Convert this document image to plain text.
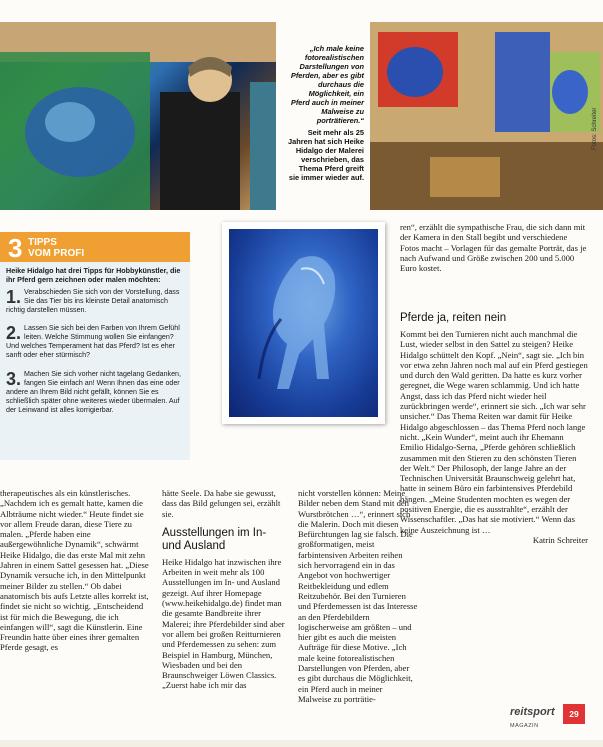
„Ich male keine fotorealistischen Darstellungen von Pferden, aber es gibt durchaus die Möglichkeit, ein Pferd auch in meiner Malweise zu porträtieren.“
Seit mehr als 25 Jahren hat sich Heike Hidalgo der Malerei verschrieben, das Thema Pferd greift sie immer wieder auf.
Fotos: Schreiter
3 TIPPS
VOM PROFI
Heike Hidalgo hat drei Tipps für Hobbykünstler, die ihr Pferd gern zeichnen oder malen möchten:
1. Verabschieden Sie sich von der Vorstellung, dass Sie das Tier bis ins kleinste Detail anatomisch richtig darstellen müssen.
2. Lassen Sie sich bei den Farben von Ihrem Gefühl leiten. Welche Stimmung wollen Sie einfangen? Und welches Temperament hat das Pferd? Ist es eher sanft oder eher stürmisch?
3. Machen Sie sich vorher nicht tagelang Gedanken, fangen Sie einfach an! Wenn Ihnen das eine oder andere an Ihrem Bild nicht gefällt, können Sie es schließlich später ohne weiteres wieder übermalen. Auf der Leinwand ist alles korrigierbar.
ren“, erzählt die sympathische Frau, die sich dann mit der Kamera in den Stall begibt und verschiedene Fotos macht – Vorlagen für das gemalte Porträt, das je nach Aufwand und Größe zwischen 200 und 5.000 Euro kostet.
Pferde ja, reiten nein
Kommt bei den Turnieren nicht auch manchmal die Lust, wieder selbst in den Sattel zu steigen? Heike Hidalgo schüttelt den Kopf. „Nein“, sagt sie. „Ich bin vor etwa zehn Jahren noch mal auf ein Pferd gestiegen und durch den Wald geritten. Da hatte es kurz vorher geregnet, die Wege waren schlammig. Und ich hatte Angst, dass ich das Pferd nicht wieder heil zurückbringen werde“, erinnert sie sich. „Ich war sehr unsicher.“ Das Thema Reiten war damit für Heike Hidalgo abgeschlossen – das Thema Pferd noch lange nicht. „Kein Wunder“, meint auch ihr Ehemann Emilio Hidalgo-Serna, „Pferde gehören schließlich zusammen mit den Stieren zu den schönsten Tieren der Welt.“ Der Philosoph, der lange Jahre an der Technischen Universität Braunschweig gelehrt hat, hatte in seinem Büro ein farbintensives Pferdebild hängen. „Meine Studenten mochten es wegen der positiven Energie, die es ausstrahlte“, erzählt der Wissenschaftler. „Das hat sie motiviert.“ Wenn das keine Auszeichnung ist …
Katrin Schreiter
therapeutisches als ein künstlerisches. „Nachdem ich es gemalt hatte, kamen die Albträume nicht wieder.“ Heute findet sie vor allem Freude daran, diese Tiere zu malen. „Pferde haben eine außergewöhnliche Dynamik“, schwärmt Heike Hidalgo, die das erste Mal mit zehn Jahren in einem Sattel gesessen hat. „Diese Dynamik versuche ich, in den Mittelpunkt meiner Bilder zu stellen.“ Ob dabei anatomisch bis aufs Letzte alles korrekt ist, findet sie nicht so wichtig. „Entscheidend ist für mich die Bewegung, die ich einfangen will“, sagt die Künstlerin. Eine Freundin hatte über eines ihrer gemalten Pferde gesagt, es
hätte Seele. Da habe sie gewusst, dass das Bild gelungen sei, erzählt sie.
Ausstellungen im In- und Ausland
Heike Hidalgo hat inzwischen ihre Arbeiten in weit mehr als 100 Ausstellungen im In- und Ausland gezeigt. Auf ihrer Homepage (www.heikehidalgo.de) findet man die gesamte Bandbreite ihrer Malerei; ihre Pferdebilder sind aber vor allem bei großen Reitturnieren und Pferdemessen zu sehen: zum Beispiel in Hamburg, München, Wiesbaden und bei den Braunschweiger Löwen Classics. „Zuerst habe ich mir das
nicht vorstellen können: Meine Bilder neben dem Stand mit den Wurstbrötchen …“, erinnert sich die Malerin. Doch mit diesen Befürchtungen lag sie falsch. Die großformatigen, meist farbintensiven Arbeiten reihen sich hervorragend ein in das Angebot von hochwertiger Reitbekleidung und edlem Reitzubehör. Bei den Turnieren und Pferdemessen ist das Interesse an den Pferdebildern logischerweise am größten – und hier gibt es auch die meisten Aufträge für diese Motive. „Ich male keine fotorealistischen Darstellungen von Pferden, aber es gibt durchaus die Möglichkeit, ein Pferd auch in meiner Malweise zu porträtie-
reitsport
MAGAZIN
29
